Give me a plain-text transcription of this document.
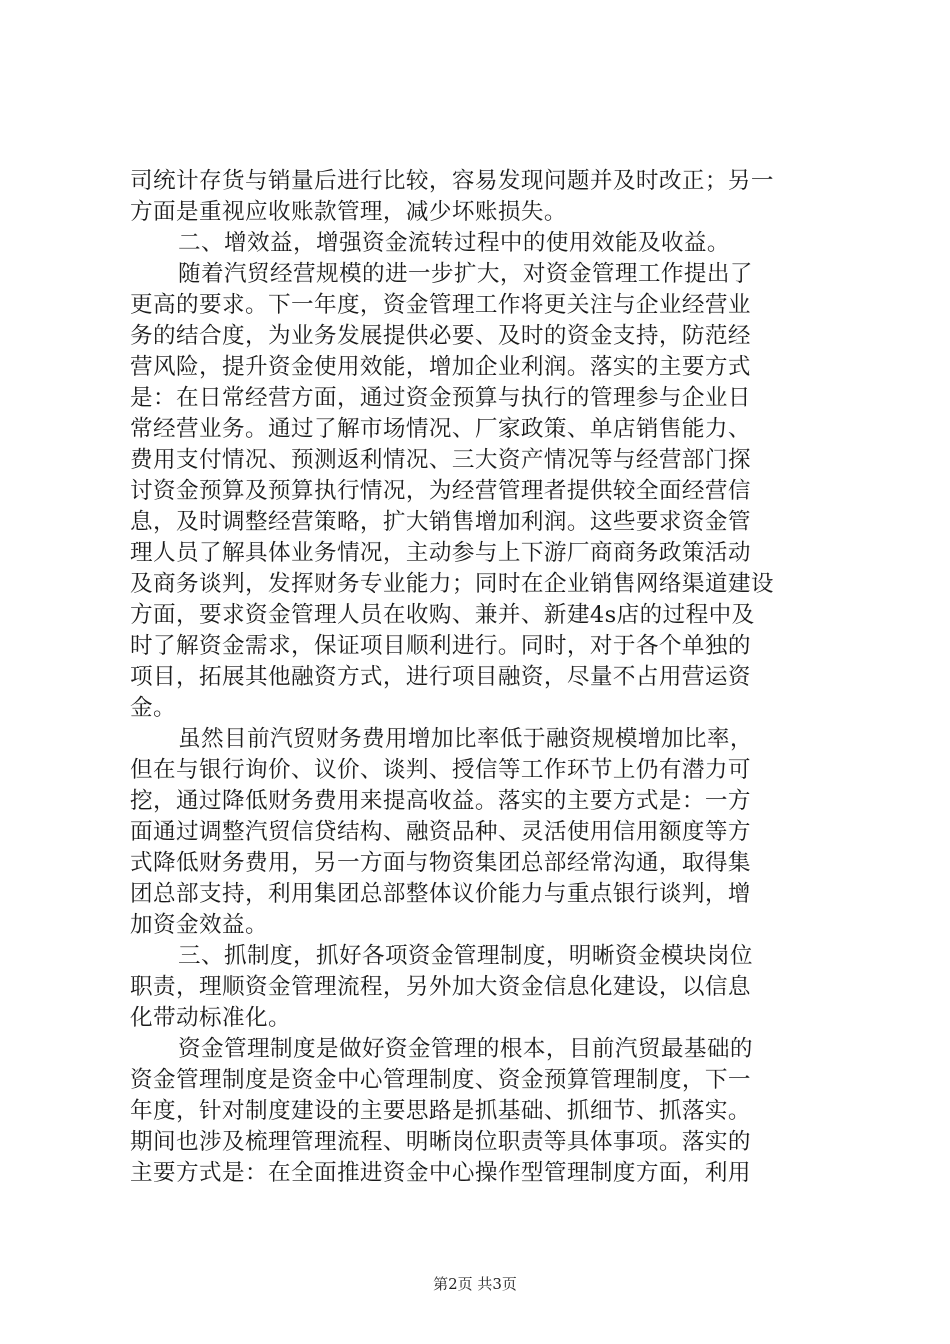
司统计存货与销量后进行比较，容易发现问题并及时改正；另一
方面是重视应收账款管理，减少坏账损失。
二、增效益，增强资金流转过程中的使用效能及收益。
随着汽贸经营规模的进一步扩大，对资金管理工作提出了
更高的要求。下一年度，资金管理工作将更关注与企业经营业
务的结合度，为业务发展提供必要、及时的资金支持，防范经
营风险，提升资金使用效能，增加企业利润。落实的主要方式
是：在日常经营方面，通过资金预算与执行的管理参与企业日
常经营业务。通过了解市场情况、厂家政策、单店销售能力、
费用支付情况、预测返利情况、三大资产情况等与经营部门探
讨资金预算及预算执行情况，为经营管理者提供较全面经营信
息，及时调整经营策略，扩大销售增加利润。这些要求资金管
理人员了解具体业务情况，主动参与上下游厂商商务政策活动
及商务谈判，发挥财务专业能力；同时在企业销售网络渠道建设
方面，要求资金管理人员在收购、兼并、新建4s店的过程中及
时了解资金需求，保证项目顺利进行。同时，对于各个单独的
项目，拓展其他融资方式，进行项目融资，尽量不占用营运资
金。
虽然目前汽贸财务费用增加比率低于融资规模增加比率，
但在与银行询价、议价、谈判、授信等工作环节上仍有潜力可
挖，通过降低财务费用来提高收益。落实的主要方式是：一方
面通过调整汽贸信贷结构、融资品种、灵活使用信用额度等方
式降低财务费用，另一方面与物资集团总部经常沟通，取得集
团总部支持，利用集团总部整体议价能力与重点银行谈判，增
加资金效益。
三、抓制度，抓好各项资金管理制度，明晰资金模块岗位
职责，理顺资金管理流程，另外加大资金信息化建设，以信息
化带动标准化。
资金管理制度是做好资金管理的根本，目前汽贸最基础的
资金管理制度是资金中心管理制度、资金预算管理制度，下一
年度，针对制度建设的主要思路是抓基础、抓细节、抓落实。
期间也涉及梳理管理流程、明晰岗位职责等具体事项。落实的
主要方式是：在全面推进资金中心操作型管理制度方面，利用
第2页 共3页
